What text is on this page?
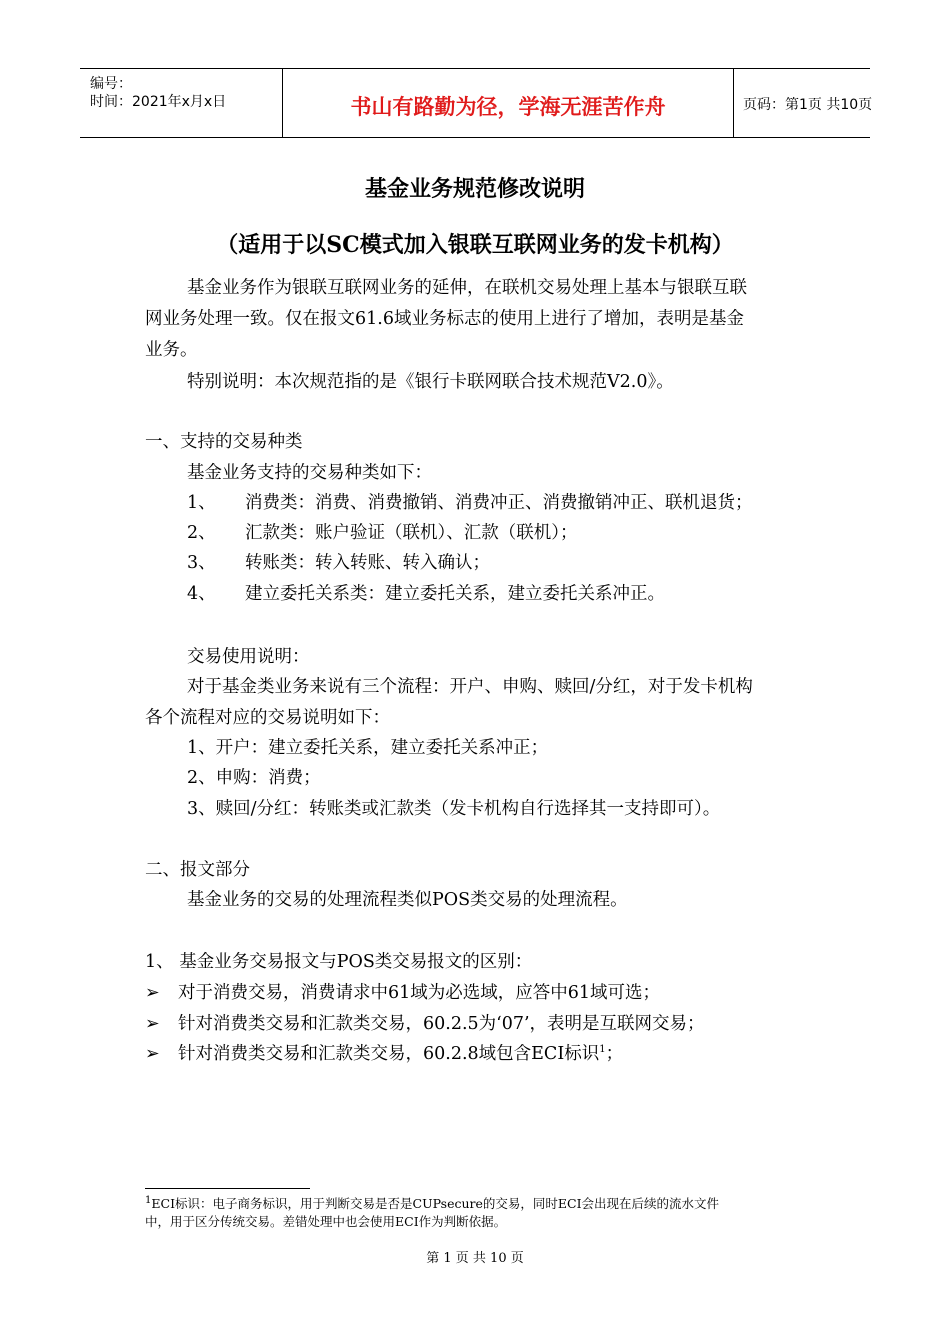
编号：
时间：2021年x月x日	书山有路勤为径，学海无涯苦作舟	页码：第1页 共10页
基金业务规范修改说明
（适用于以SC模式加入银联互联网业务的发卡机构）
基金业务作为银联互联网业务的延伸，在联机交易处理上基本与银联互联
网业务处理一致。仅在报文61.6域业务标志的使用上进行了增加，表明是基金
业务。
特别说明：本次规范指的是《银行卡联网联合技术规范V2.0》。
一、支持的交易种类
基金业务支持的交易种类如下：
1、 消费类：消费、消费撤销、消费冲正、消费撤销冲正、联机退货；
2、 汇款类：账户验证（联机）、汇款（联机）；
3、 转账类：转入转账、转入确认；
4、 建立委托关系类：建立委托关系，建立委托关系冲正。
交易使用说明：
对于基金类业务来说有三个流程：开户、申购、赎回/分红，对于发卡机构
各个流程对应的交易说明如下：
1、开户：建立委托关系，建立委托关系冲正；
2、申购：消费；
3、赎回/分红：转账类或汇款类（发卡机构自行选择其一支持即可）。
二、报文部分
基金业务的交易的处理流程类似POS类交易的处理流程。
1、 基金业务交易报文与POS类交易报文的区别：
➢ 对于消费交易，消费请求中61域为必选域，应答中61域可选；
➢ 针对消费类交易和汇款类交易，60.2.5为‘07’，表明是互联网交易；
➢ 针对消费类交易和汇款类交易，60.2.8域包含ECI标识$^1$；
$^1$ECI标识：电子商务标识，用于判断交易是否是CUPsecure的交易，同时ECI会出现在后续的流水文件
中，用于区分传统交易。差错处理中也会使用ECI作为判断依据。
第 1 页 共 10 页
